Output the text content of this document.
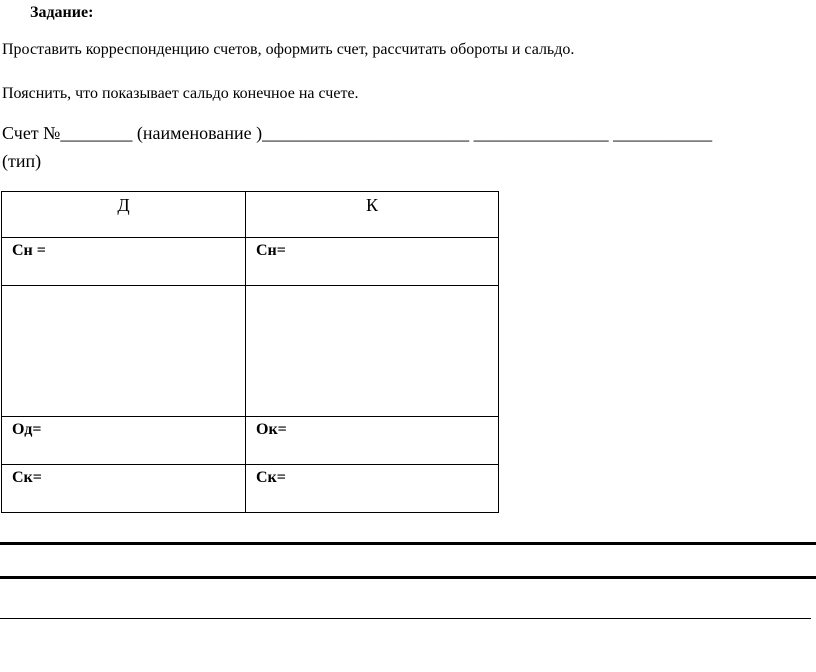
Задание:
Проставить корреспонденцию счетов, оформить счет, рассчитать обороты и сальдо.
Пояснить, что показывает сальдо конечное на счете.
Счет №________ (наименование )_______________________ _______________ ___________
(тип)
Д	К
Сн =	Сн=

Од=	Ок=
Ск=	Ск=
